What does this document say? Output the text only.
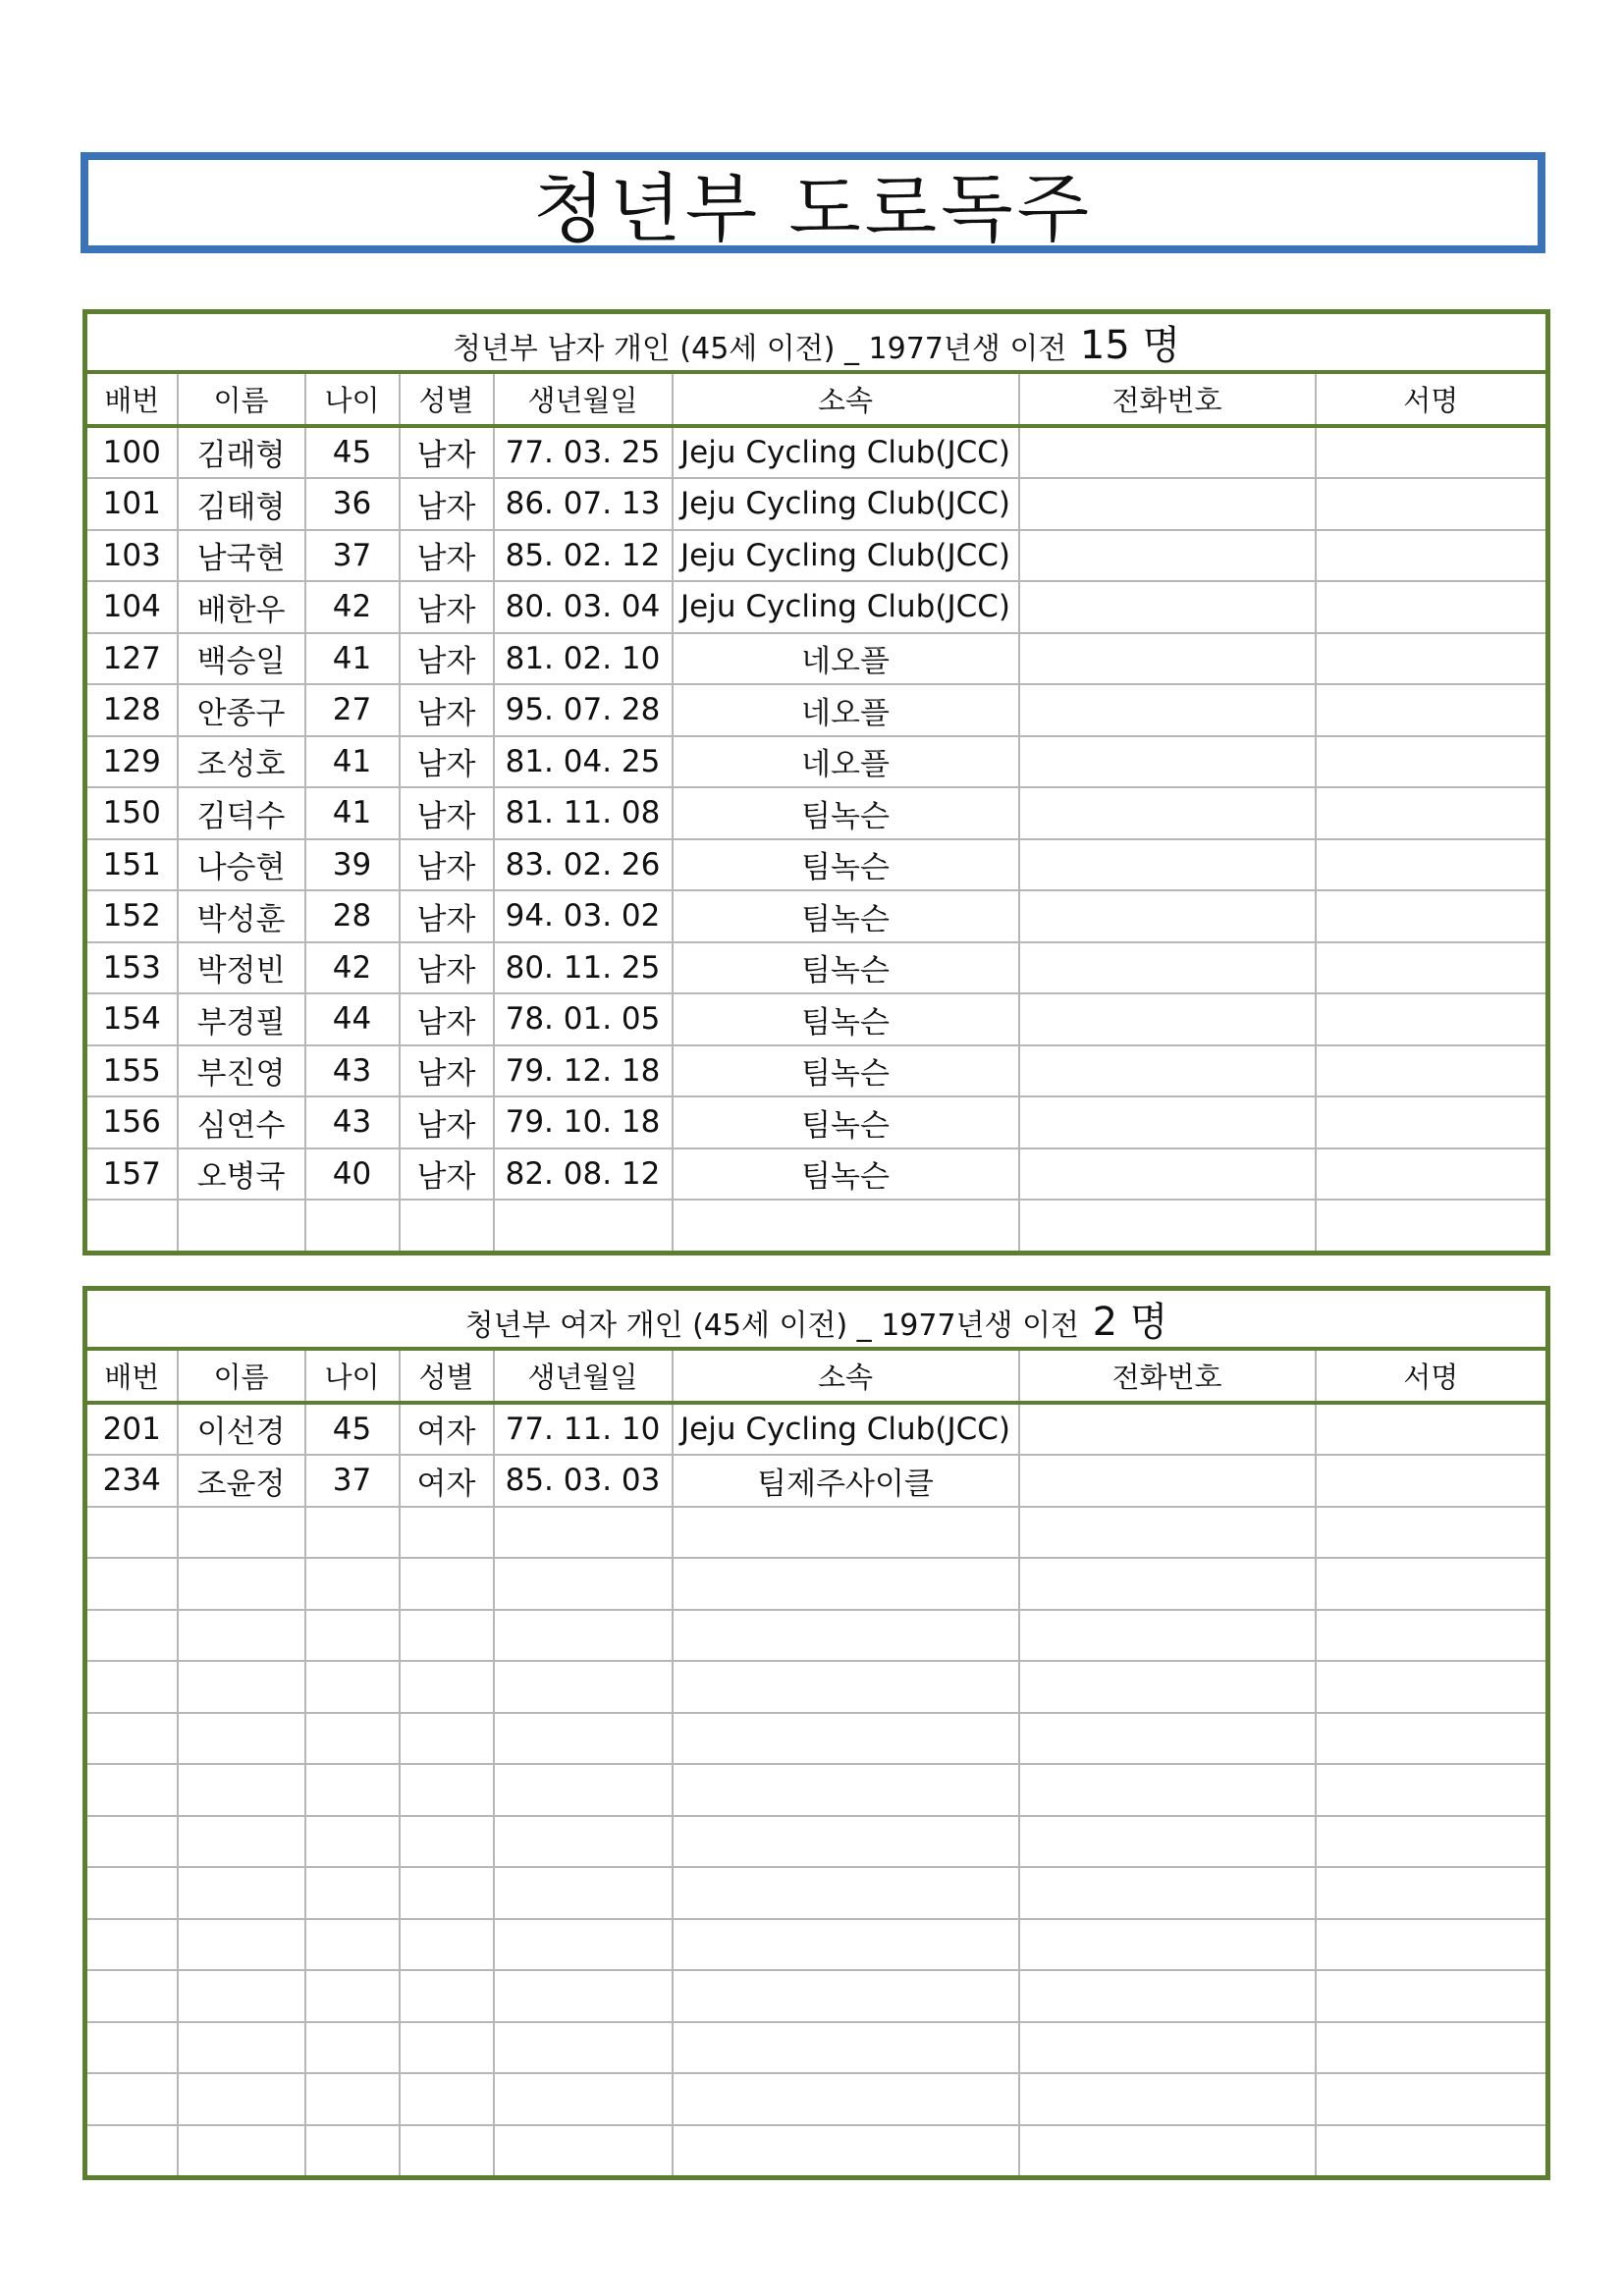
청년부 도로독주
청년부 남자 개인 (45세 이전) _ 1977년생 이전 15 명							
배번	이름	나이	성별	생년월일	소속	전화번호	서명
100	김래형	45	남자	77. 03. 25	Jeju Cycling Club(JCC)		
101	김태형	36	남자	86. 07. 13	Jeju Cycling Club(JCC)		
103	남국현	37	남자	85. 02. 12	Jeju Cycling Club(JCC)		
104	배한우	42	남자	80. 03. 04	Jeju Cycling Club(JCC)		
127	백승일	41	남자	81. 02. 10	네오플		
128	안종구	27	남자	95. 07. 28	네오플		
129	조성호	41	남자	81. 04. 25	네오플		
150	김덕수	41	남자	81. 11. 08	팀녹슨		
151	나승현	39	남자	83. 02. 26	팀녹슨		
152	박성훈	28	남자	94. 03. 02	팀녹슨		
153	박정빈	42	남자	80. 11. 25	팀녹슨		
154	부경필	44	남자	78. 01. 05	팀녹슨		
155	부진영	43	남자	79. 12. 18	팀녹슨		
156	심연수	43	남자	79. 10. 18	팀녹슨		
157	오병국	40	남자	82. 08. 12	팀녹슨		

청년부 여자 개인 (45세 이전) _ 1977년생 이전 2 명							
배번	이름	나이	성별	생년월일	소속	전화번호	서명
201	이선경	45	여자	77. 11. 10	Jeju Cycling Club(JCC)		
234	조윤정	37	여자	85. 03. 03	팀제주사이클		
